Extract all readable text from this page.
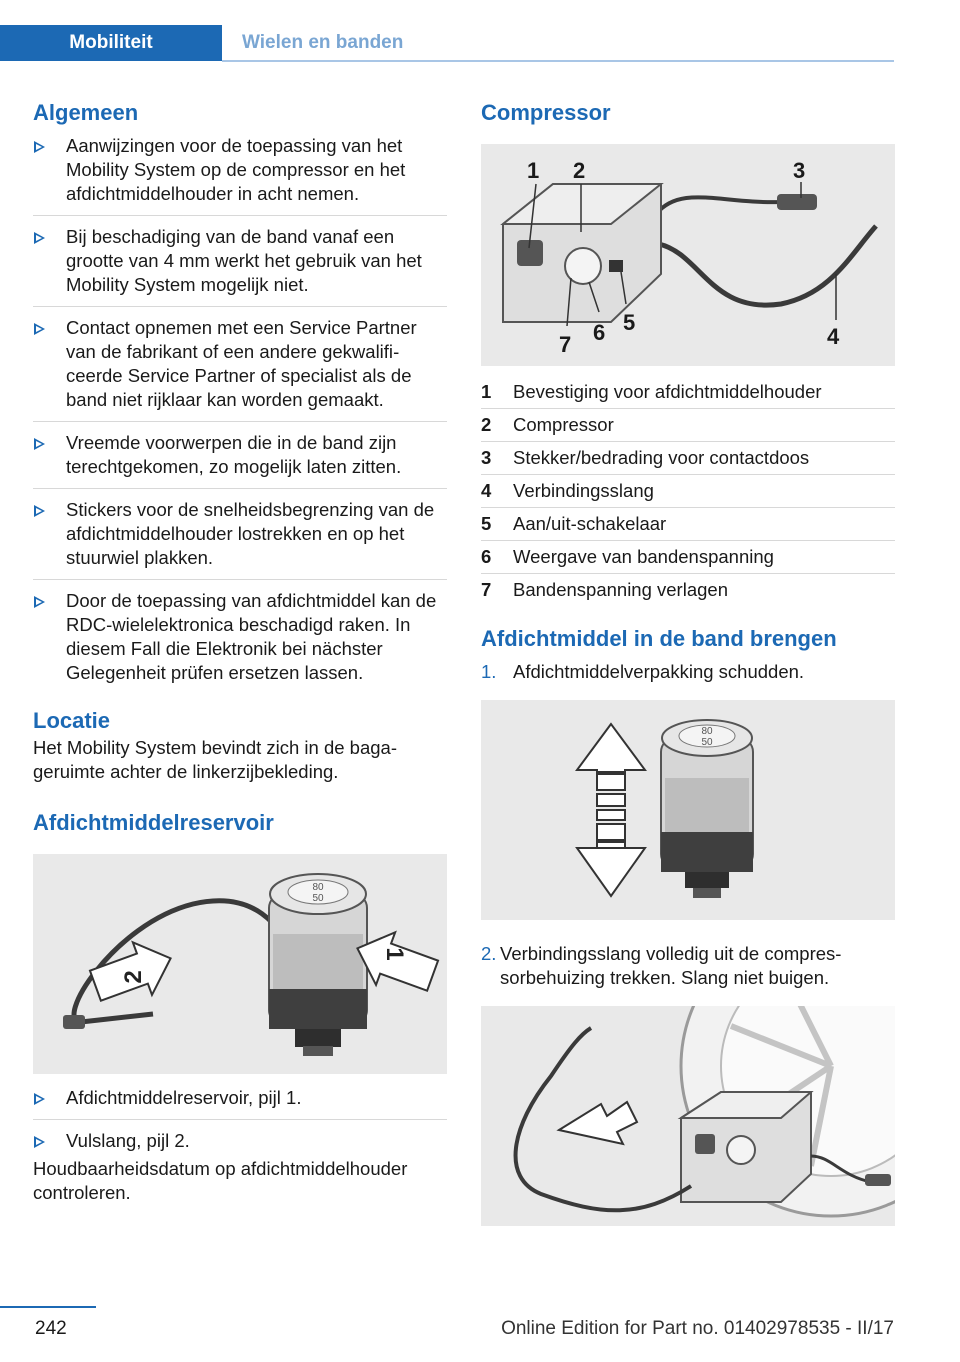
Mobiliteit	Wielen en banden
Algemeen
Aanwijzingen voor de toepassing van het Mobility System op de compressor en het afdichtmiddelhouder in acht nemen.
Bij beschadiging van de band vanaf een grootte van 4 mm werkt het gebruik van het Mobility System mogelijk niet.
Contact opnemen met een Service Partner van de fabrikant of een andere gekwalificeerde Service Partner of specialist als de band niet rijklaar kan worden gemaakt.
Vreemde voorwerpen die in de band zijn terechtgekomen, zo mogelijk laten zitten.
Stickers voor de snelheidsbegrenzing van de afdichtmiddelhouder lostrekken en op het stuurwiel plakken.
Door de toepassing van afdichtmiddel kan de RDC-wielelektronica beschadigd raken. In diesem Fall die Elektronik bei nächster Gelegenheit prüfen ersetzen lassen.
Locatie

Het Mobility System bevindt zich in de bagageruimte achter de linkerzijbekleding.

Afdichtmiddelreservoir
80
50
2
1
Afdichtmiddelreservoir, pijl 1.
Vulslang, pijl 2.

Houdbaarheidsdatum op afdichtmiddelhouder controleren.

Compressor
1 2	3
4
5
6
7
1	Bevestiging voor afdichtmiddelhouder
2	Compressor
3	Stekker/bedrading voor contactdoos
4	Verbindingsslang
5	Aan/uit-schakelaar
6	Weergave van bandenspanning
7	Bandenspanning verlagen
Afdichtmiddel in de band brengen
1. Afdichtmiddelverpakking schudden.
80
50
2. Verbindingsslang volledig uit de compressorbehuizing trekken. Slang niet buigen.
242	Online Edition for Part no. 01402978535 - II/17
